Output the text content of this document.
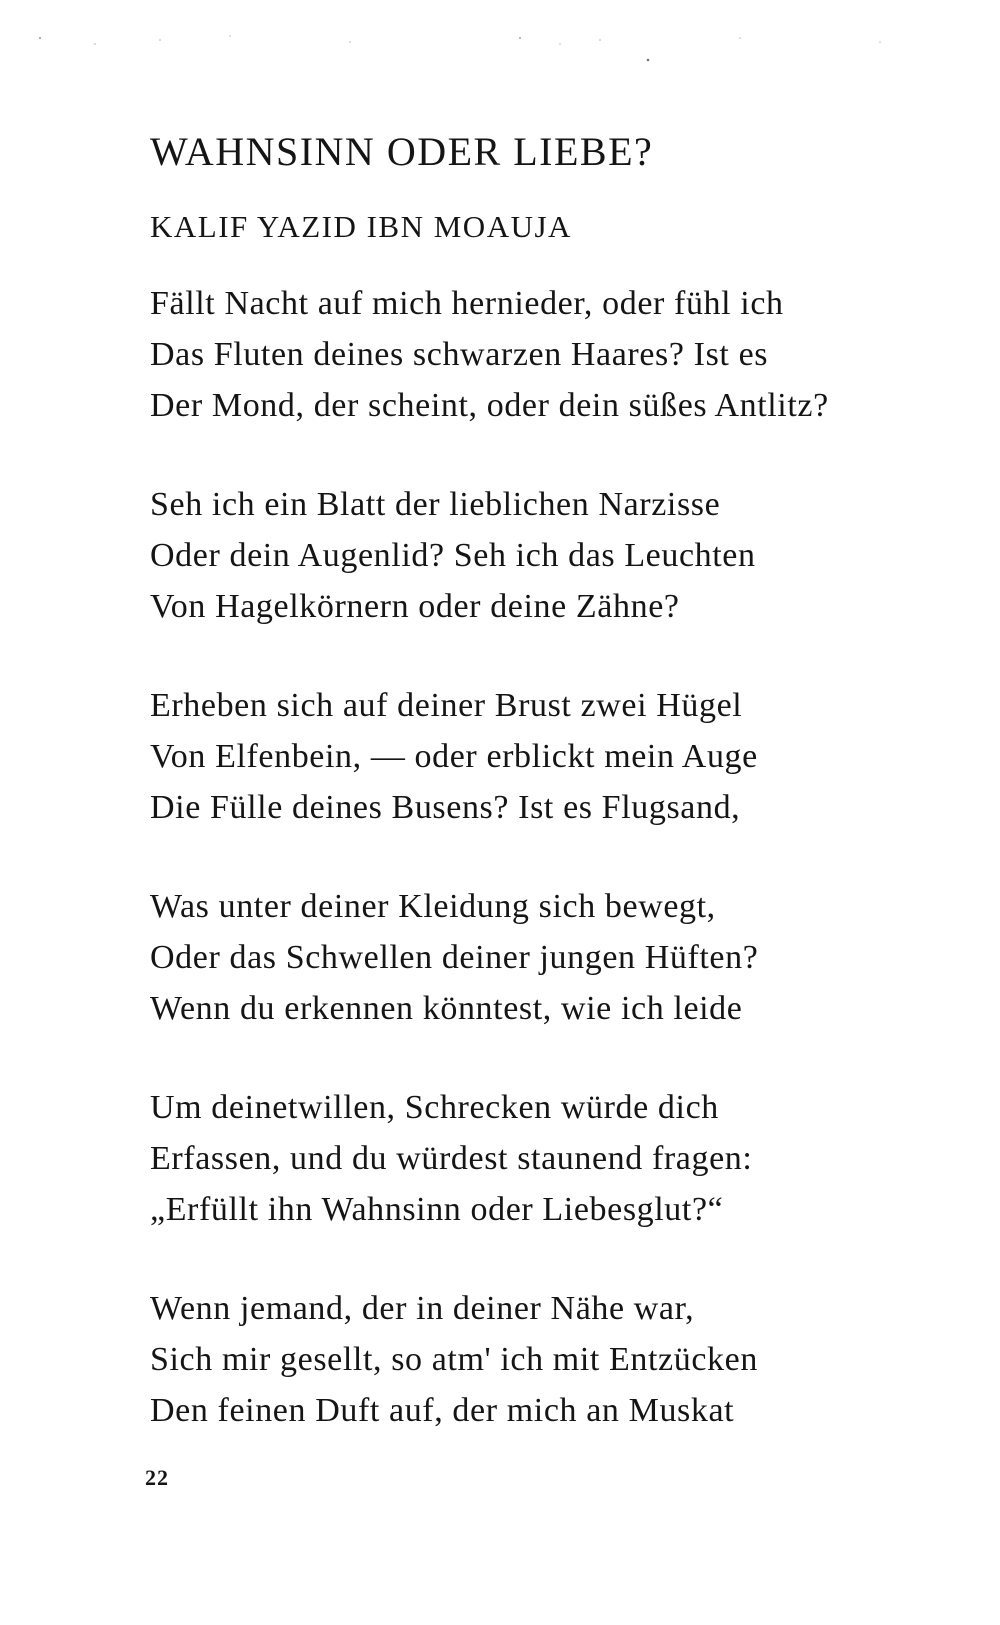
WAHNSINN ODER LIEBE?
KALIF YAZID IBN MOAUJA
Fällt Nacht auf mich hernieder, oder fühl ich
Das Fluten deines schwarzen Haares? Ist es
Der Mond, der scheint, oder dein süßes Antlitz?
Seh ich ein Blatt der lieblichen Narzisse
Oder dein Augenlid? Seh ich das Leuchten
Von Hagelkörnern oder deine Zähne?
Erheben sich auf deiner Brust zwei Hügel
Von Elfenbein, — oder erblickt mein Auge
Die Fülle deines Busens? Ist es Flugsand,
Was unter deiner Kleidung sich bewegt,
Oder das Schwellen deiner jungen Hüften?
Wenn du erkennen könntest, wie ich leide
Um deinetwillen, Schrecken würde dich
Erfassen, und du würdest staunend fragen:
„Erfüllt ihn Wahnsinn oder Liebesglut?“
Wenn jemand, der in deiner Nähe war,
Sich mir gesellt, so atm' ich mit Entzücken
Den feinen Duft auf, der mich an Muskat
22
